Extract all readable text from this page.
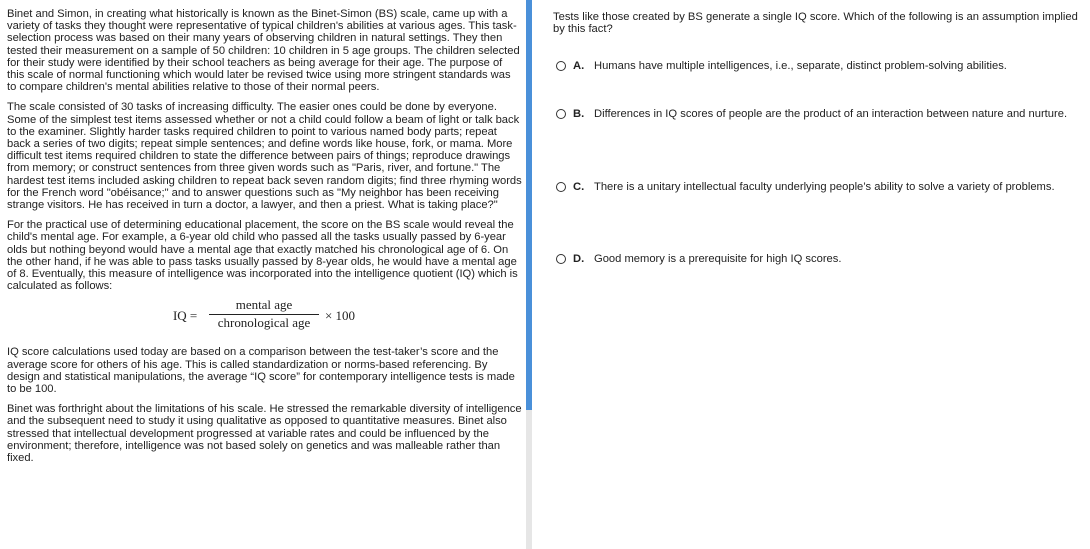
Binet and Simon, in creating what historically is known as the Binet-Simon (BS) scale, came up with a variety of tasks they thought were representative of typical children's abilities at various ages. This task-selection process was based on their many years of observing children in natural settings. They then tested their measurement on a sample of 50 children: 10 children in 5 age groups. The children selected for their study were identified by their school teachers as being average for their age. The purpose of this scale of normal functioning which would later be revised twice using more stringent standards was to compare children's mental abilities relative to those of their normal peers.

The scale consisted of 30 tasks of increasing difficulty. The easier ones could be done by everyone. Some of the simplest test items assessed whether or not a child could follow a beam of light or talk back to the examiner. Slightly harder tasks required children to point to various named body parts; repeat back a series of two digits; repeat simple sentences; and define words like house, fork, or mama. More difficult test items required children to state the difference between pairs of things; reproduce drawings from memory; or construct sentences from three given words such as "Paris, river, and fortune." The hardest test items included asking children to repeat back seven random digits; find three rhyming words for the French word "obéisance;" and to answer questions such as "My neighbor has been receiving strange visitors. He has received in turn a doctor, a lawyer, and then a priest. What is taking place?"

For the practical use of determining educational placement, the score on the BS scale would reveal the child's mental age. For example, a 6-year old child who passed all the tasks usually passed by 6-year olds but nothing beyond would have a mental age that exactly matched his chronological age of 6. On the other hand, if he was able to pass tasks usually passed by 8-year olds, he would have a mental age of 8. Eventually, this measure of intelligence was incorporated into the intelligence quotient (IQ) which is calculated as follows:

IQ =
mental age
chronological age	× 100

IQ score calculations used today are based on a comparison between the test-taker’s score and the average score for others of his age. This is called standardization or norms-based referencing. By design and statistical manipulations, the average “IQ score” for contemporary intelligence tests is made to be 100.

Binet was forthright about the limitations of his scale. He stressed the remarkable diversity of intelligence and the subsequent need to study it using qualitative as opposed to quantitative measures. Binet also stressed that intellectual development progressed at variable rates and could be influenced by the environment; therefore, intelligence was not based solely on genetics and was malleable rather than fixed.

Tests like those created by BS generate a single IQ score. Which of the following is an assumption implied by this fact?
A. Humans have multiple intelligences, i.e., separate, distinct problem-solving abilities.
B. Differences in IQ scores of people are the product of an interaction between nature and nurture.
C. There is a unitary intellectual faculty underlying people’s ability to solve a variety of problems.
D. Good memory is a prerequisite for high IQ scores.
